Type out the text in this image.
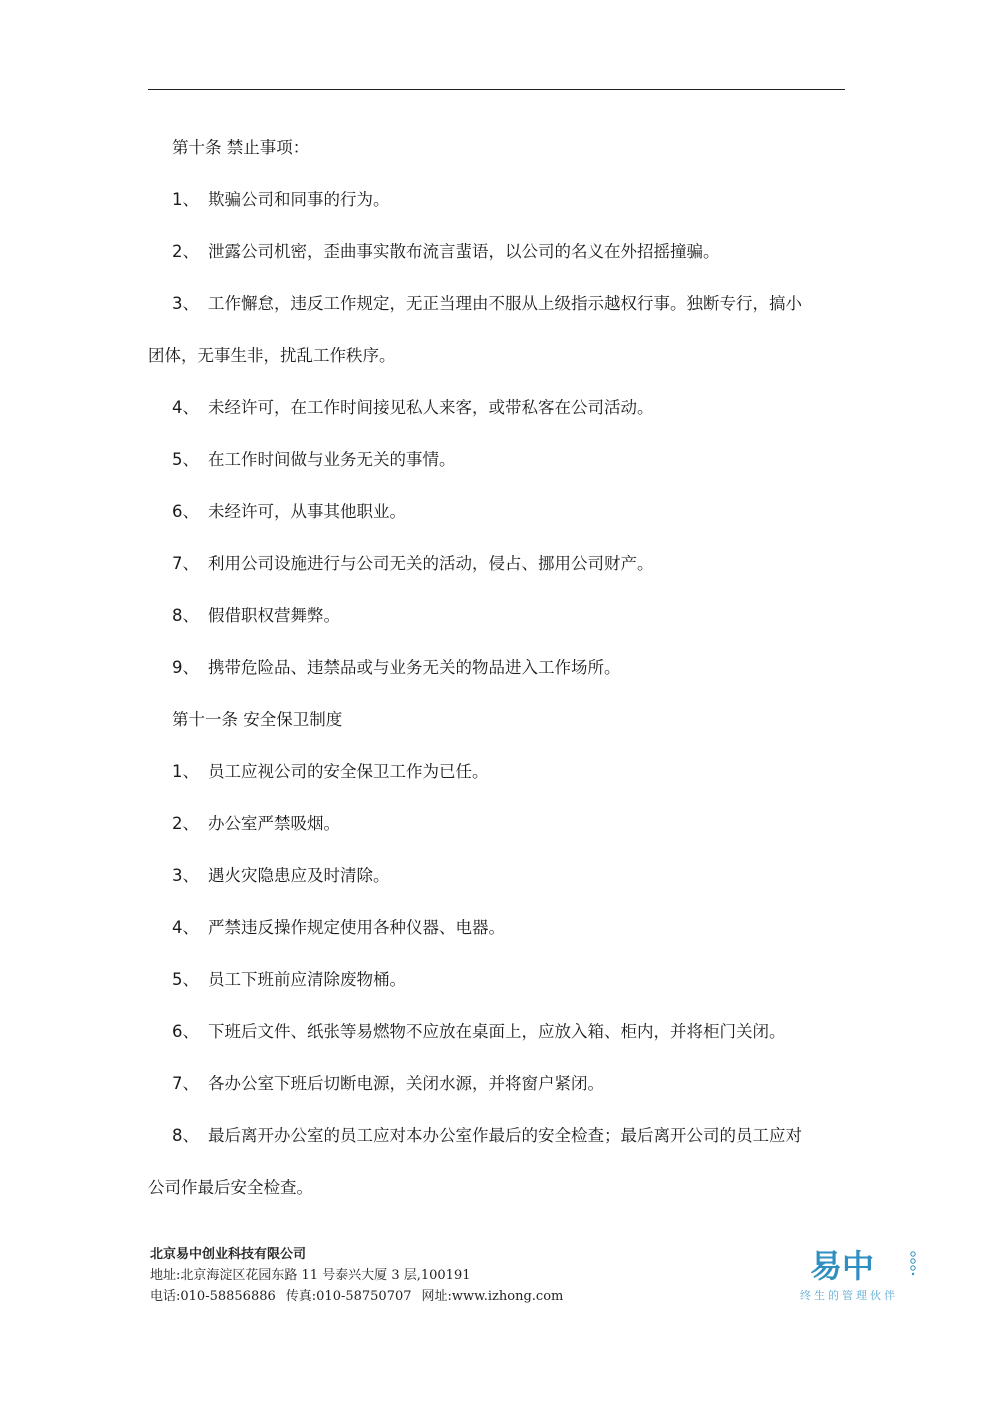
第十条 禁止事项：
1、 欺骗公司和同事的行为。
2、 泄露公司机密，歪曲事实散布流言蜚语，以公司的名义在外招摇撞骗。
3、 工作懈怠，违反工作规定，无正当理由不服从上级指示越权行事。独断专行，搞小
团体，无事生非，扰乱工作秩序。
4、 未经许可，在工作时间接见私人来客，或带私客在公司活动。
5、 在工作时间做与业务无关的事情。
6、 未经许可，从事其他职业。
7、 利用公司设施进行与公司无关的活动，侵占、挪用公司财产。
8、 假借职权营舞弊。
9、 携带危险品、违禁品或与业务无关的物品进入工作场所。
第十一条 安全保卫制度
1、 员工应视公司的安全保卫工作为已任。
2、 办公室严禁吸烟。
3、 遇火灾隐患应及时清除。
4、 严禁违反操作规定使用各种仪器、电器。
5、 员工下班前应清除废物桶。
6、 下班后文件、纸张等易燃物不应放在桌面上，应放入箱、柜内，并将柜门关闭。
7、 各办公室下班后切断电源，关闭水源，并将窗户紧闭。
8、 最后离开办公室的员工应对本办公室作最后的安全检查；最后离开公司的员工应对
公司作最后安全检查。
北京易中创业科技有限公司
地址:北京海淀区花园东路 11 号泰兴大厦 3 层,100191
电话:010-58856886 传真:010-58750707 网址:www.izhong.com
易中
终生的管理伙伴
